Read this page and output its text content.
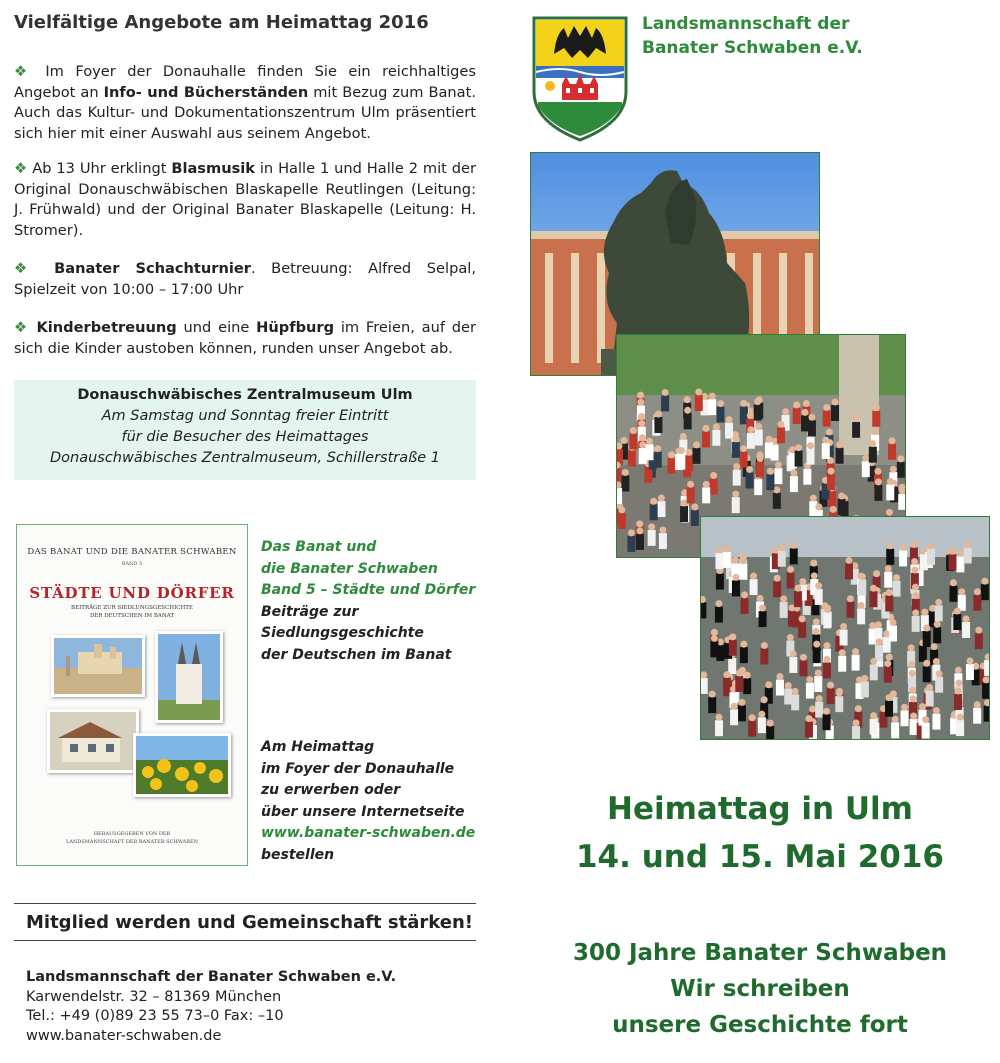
Vielfältige Angebote am Heimattag 2016
❖ Im Foyer der Donauhalle finden Sie ein reichhaltiges Angebot an Info- und Bücherständen mit Bezug zum Banat. Auch das Kultur- und Dokumentationszentrum Ulm präsentiert sich hier mit einer Auswahl aus seinem Angebot.
❖ Ab 13 Uhr erklingt Blasmusik in Halle 1 und Halle 2 mit der Original Donauschwäbischen Blaskapelle Reutlingen (Leitung: J. Frühwald) und der Original Banater Blaskapelle (Leitung: H. Stromer).
❖ Banater Schachturnier. Betreuung: Alfred Selpal, Spielzeit von 10:00 – 17:00 Uhr
❖ Kinderbetreuung und eine Hüpfburg im Freien, auf der sich die Kinder austoben können, runden unser Angebot ab.
Donauschwäbisches Zentralmuseum Ulm
Am Samstag und Sonntag freier Eintritt
für die Besucher des Heimattages
Donauschwäbisches Zentralmuseum, Schillerstraße 1
DAS BANAT UND DIE BANATER SCHWABEN
BAND 5
STÄDTE UND DÖRFER
BEITRÄGE ZUR SIEDLUNGSGESCHICHTE
DER DEUTSCHEN IM BANAT
HERAUSGEGEBEN VON DER
LANDSMANNSCHAFT DER BANATER SCHWABEN
Das Banat und
die Banater Schwaben
Band 5 – Städte und Dörfer
Beiträge zur
Siedlungsgeschichte
der Deutschen im Banat
Am Heimattag
im Foyer der Donauhalle
zu erwerben oder
über unsere Internetseite
www.banater-schwaben.de
bestellen
Mitglied werden und Gemeinschaft stärken!
Landsmannschaft der Banater Schwaben e.V.
Karwendelstr. 32 – 81369 München
Tel.: +49 (0)89 23 55 73–0 Fax: –10
www.banater-schwaben.de
Landsmannschaft der
Banater Schwaben e.V.
Heimattag in Ulm
14. und 15. Mai 2016
300 Jahre Banater Schwaben
Wir schreiben
unsere Geschichte fort
